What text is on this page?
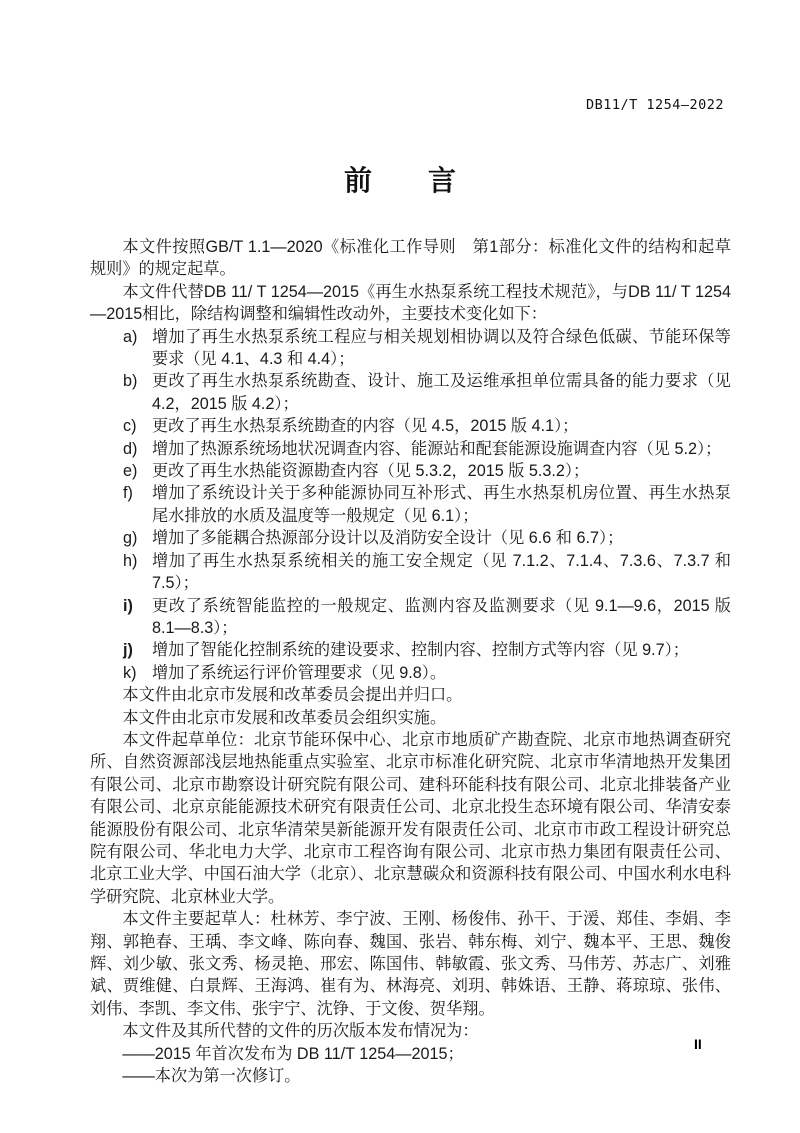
DB11/T 1254—2022
前　　言

本文件按照GB/T 1.1—2020《标准化工作导则　第1部分：标准化文件的结构和起草规则》的规定起草。

本文件代替DB 11/ T 1254—2015《再生水热泵系统工程技术规范》，与DB 11/ T 1254—2015相比，除结构调整和编辑性改动外，主要技术变化如下：

a) 增加了再生水热泵系统工程应与相关规划相协调以及符合绿色低碳、节能环保等要求（见 4.1、4.3 和 4.4）；
b) 更改了再生水热泵系统勘查、设计、施工及运维承担单位需具备的能力要求（见 4.2，2015 版 4.2）；
c) 更改了再生水热泵系统勘查的内容（见 4.5，2015 版 4.1）；
d) 增加了热源系统场地状况调查内容、能源站和配套能源设施调查内容（见 5.2）；
e) 更改了再生水热能资源勘查内容（见 5.3.2，2015 版 5.3.2）；
f)	增加了系统设计关于多种能源协同互补形式、再生水热泵机房位置、再生水热泵尾水排放的水质及温度等一般规定（见 6.1）；
g) 增加了多能耦合热源部分设计以及消防安全设计（见 6.6 和 6.7）；
h) 增加了再生水热泵系统相关的施工安全规定（见 7.1.2、7.1.4、7.3.6、7.3.7 和 7.5）；
i)	更改了系统智能监控的一般规定、监测内容及监测要求（见 9.1—9.6，2015 版 8.1—8.3）；
j)	增加了智能化控制系统的建设要求、控制内容、控制方式等内容（见 9.7）；
k) 增加了系统运行评价管理要求（见 9.8）。

本文件由北京市发展和改革委员会提出并归口。

本文件由北京市发展和改革委员会组织实施。

本文件起草单位：北京节能环保中心、北京市地质矿产勘查院、北京市地热调查研究所、自然资源部浅层地热能重点实验室、北京市标准化研究院、北京市华清地热开发集团有限公司、北京市勘察设计研究院有限公司、建科环能科技有限公司、北京北排装备产业有限公司、北京京能能源技术研究有限责任公司、北京北投生态环境有限公司、华清安泰能源股份有限公司、北京华清荣昊新能源开发有限责任公司、北京市市政工程设计研究总院有限公司、华北电力大学、北京市工程咨询有限公司、北京市热力集团有限责任公司、北京工业大学、中国石油大学（北京）、北京慧碳众和资源科技有限公司、中国水利水电科学研究院、北京林业大学。

本文件主要起草人：杜林芳、李宁波、王刚、杨俊伟、孙干、于湲、郑佳、李娟、李翔、郭艳春、王瑀、李文峰、陈向春、魏国、张岩、韩东梅、刘宁、魏本平、王思、魏俊辉、刘少敏、张文秀、杨灵艳、邢宏、陈国伟、韩敏霞、张文秀、马伟芳、苏志广、刘雅斌、贾维健、白景辉、王海鸿、崔有为、林海亮、刘玥、韩姝语、王静、蒋琼琼、张伟、刘伟、李凯、李文伟、张宇宁、沈铮、于文俊、贺华翔。

本文件及其所代替的文件的历次版本发布情况为：

——2015 年首次发布为 DB 11/T 1254—2015；

——本次为第一次修订。

II
